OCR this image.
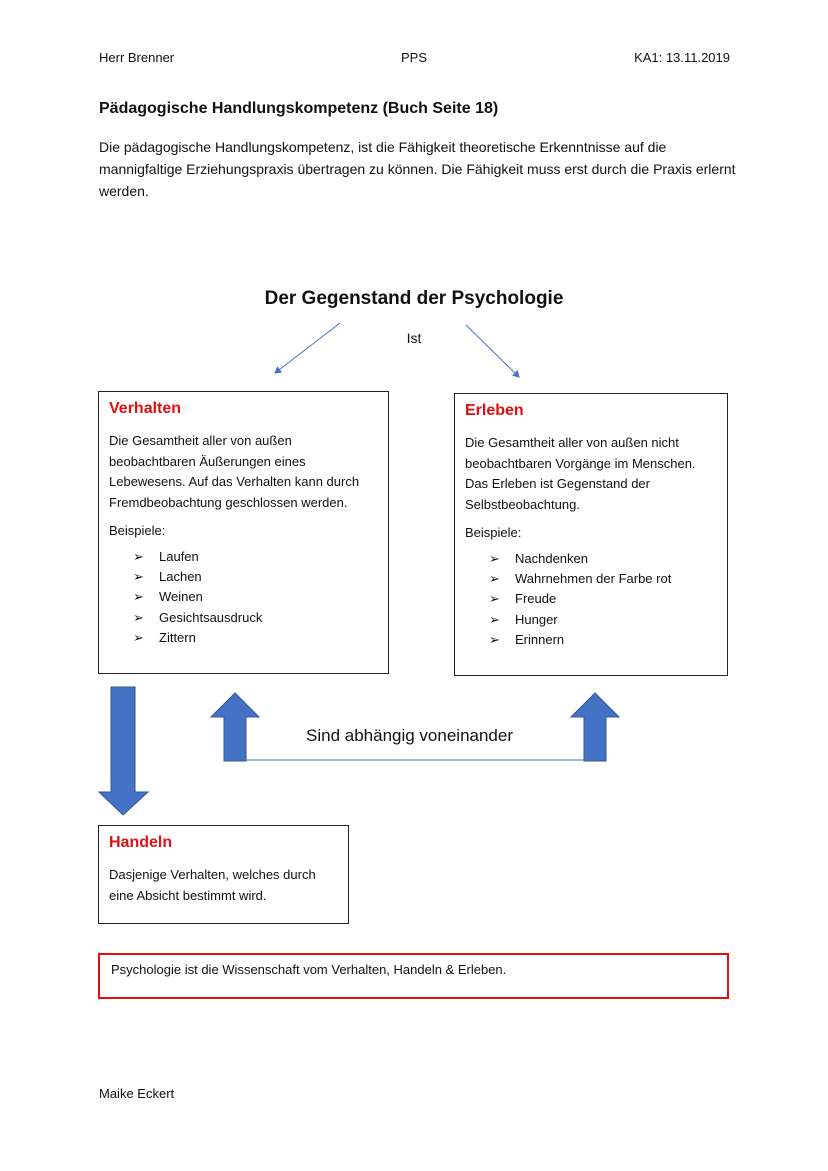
Herr Brenner	PPS	KA1: 13.11.2019
Pädagogische Handlungskompetenz (Buch Seite 18)
Die pädagogische Handlungskompetenz, ist die Fähigkeit theoretische Erkenntnisse auf die mannigfaltige Erziehungspraxis übertragen zu können. Die Fähigkeit muss erst durch die Praxis erlernt werden.
Der Gegenstand der Psychologie
Ist
Verhalten
Die Gesamtheit aller von außen beobachtbaren Äußerungen eines Lebewesens. Auf das Verhalten kann durch Fremdbeobachtung geschlossen werden.
Beispiele:
➢ Laufen
➢ Lachen
➢ Weinen
➢ Gesichtsausdruck
➢ Zittern
Erleben
Die Gesamtheit aller von außen nicht beobachtbaren Vorgänge im Menschen. Das Erleben ist Gegenstand der Selbstbeobachtung.
Beispiele:
➢ Nachdenken
➢ Wahrnehmen der Farbe rot
➢ Freude
➢ Hunger
➢ Erinnern
Sind abhängig voneinander
Handeln
Dasjenige Verhalten, welches durch eine Absicht bestimmt wird.
Psychologie ist die Wissenschaft vom Verhalten, Handeln & Erleben.
Maike Eckert
